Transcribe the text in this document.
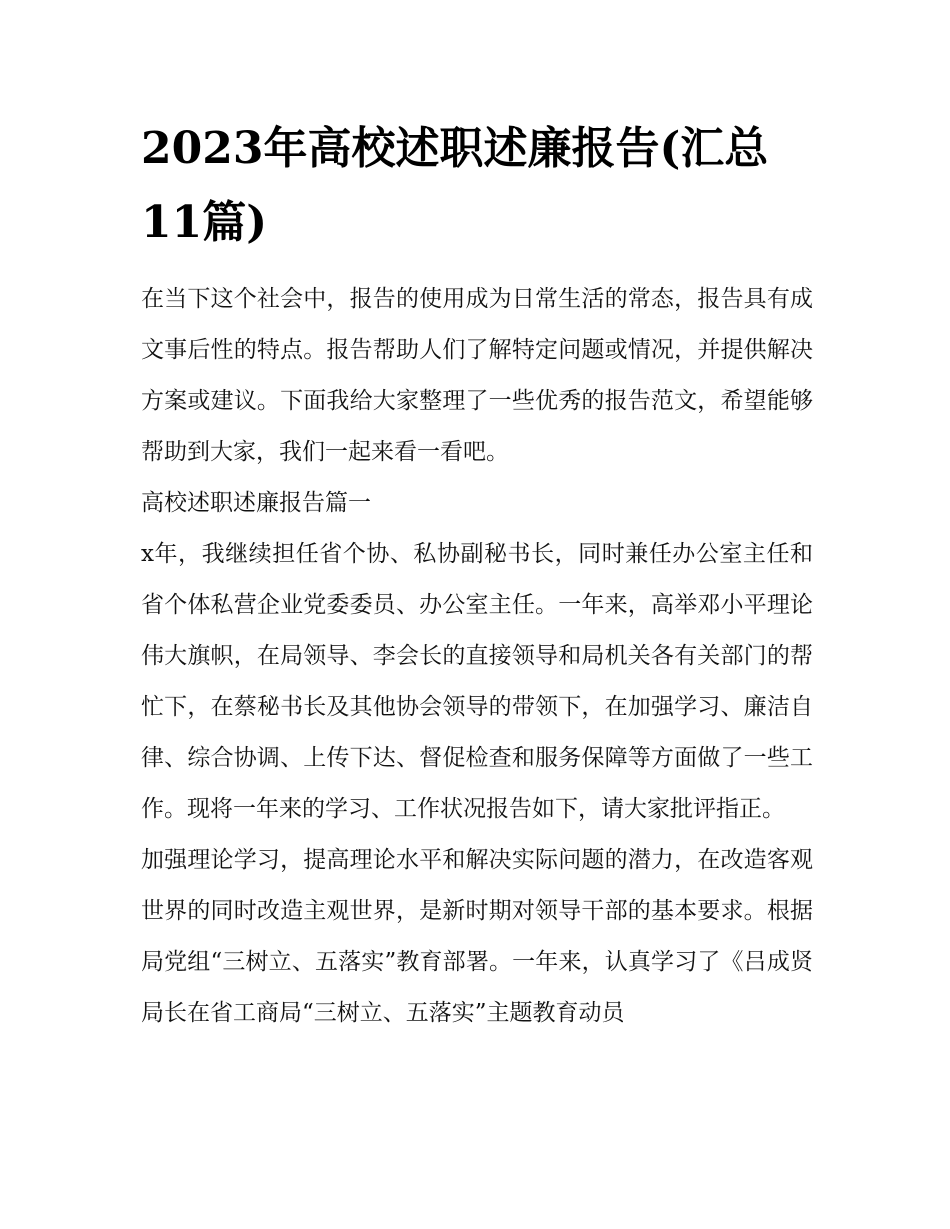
2023年高校述职述廉报告(汇总11篇)

在当下这个社会中，报告的使用成为日常生活的常态，报告具有成文事后性的特点。报告帮助人们了解特定问题或情况，并提供解决方案或建议。下面我给大家整理了一些优秀的报告范文，希望能够帮助到大家，我们一起来看一看吧。

高校述职述廉报告篇一

x年，我继续担任省个协、私协副秘书长，同时兼任办公室主任和省个体私营企业党委委员、办公室主任。一年来，高举邓小平理论伟大旗帜，在局领导、李会长的直接领导和局机关各有关部门的帮忙下，在蔡秘书长及其他协会领导的带领下，在加强学习、廉洁自律、综合协调、上传下达、督促检查和服务保障等方面做了一些工作。现将一年来的学习、工作状况报告如下，请大家批评指正。

加强理论学习，提高理论水平和解决实际问题的潜力，在改造客观世界的同时改造主观世界，是新时期对领导干部的基本要求。根据局党组“三树立、五落实”教育部署。一年来，认真学习了《吕成贤局长在省工商局“三树立、五落实”主题教育动员
